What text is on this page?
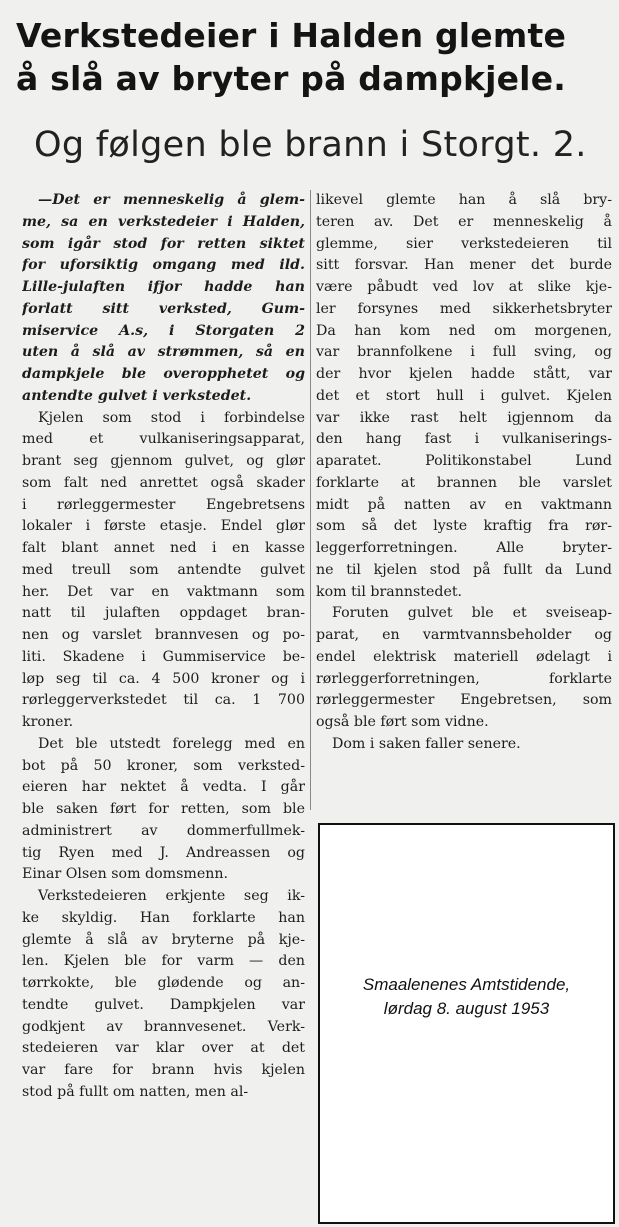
Verkstedeier i Halden glemte
å slå av bryter på dampkjele.
Og følgen ble brann i Storgt. 2.
—Det er menneskelig å glem-
me, sa en verkstedeier i Halden,
som igår stod for retten siktet
for uforsiktig omgang med ild.
Lille-julaften ifjor hadde han
forlatt sitt verksted, Gum-
miservice A.s, i Storgaten 2
uten å slå av strømmen, så en
dampkjele ble overopphetet og
antendte gulvet i verkstedet.
Kjelen som stod i forbindelse
med et vulkaniseringsapparat,
brant seg gjennom gulvet, og glør
som falt ned anrettet også skader
i rørleggermester Engebretsens
lokaler i første etasje. Endel glør
falt blant annet ned i en kasse
med treull som antendte gulvet
her. Det var en vaktmann som
natt til julaften oppdaget bran-
nen og varslet brannvesen og po-
liti. Skadene i Gummiservice be-
løp seg til ca. 4 500 kroner og i
rørleggerverkstedet til ca. 1 700
kroner.
Det ble utstedt forelegg med en
bot på 50 kroner, som verksted-
eieren har nektet å vedta. I går
ble saken ført for retten, som ble
administrert av dommerfullmek-
tig Ryen med J. Andreassen og
Einar Olsen som domsmenn.
Verkstedeieren erkjente seg ik-
ke skyldig. Han forklarte han
glemte å slå av bryterne på kje-
len. Kjelen ble for varm — den
tørrkokte, ble glødende og an-
tendte gulvet. Dampkjelen var
godkjent av brannvesenet. Verk-
stedeieren var klar over at det
var fare for brann hvis kjelen
stod på fullt om natten, men al-
likevel glemte han å slå bry-
teren av. Det er menneskelig å
glemme, sier verkstedeieren til
sitt forsvar. Han mener det burde
være påbudt ved lov at slike kje-
ler forsynes med sikkerhetsbryter
Da han kom ned om morgenen,
var brannfolkene i full sving, og
der hvor kjelen hadde stått, var
det et stort hull i gulvet. Kjelen
var ikke rast helt igjennom da
den hang fast i vulkaniserings-
aparatet. Politikonstabel Lund
forklarte at brannen ble varslet
midt på natten av en vaktmann
som så det lyste kraftig fra rør-
leggerforretningen. Alle bryter-
ne til kjelen stod på fullt da Lund
kom til brannstedet.
Foruten gulvet ble et sveiseap-
parat, en varmtvannsbeholder og
endel elektrisk materiell ødelagt i
rørleggerforretningen, forklarte
rørleggermester Engebretsen, som
også ble ført som vidne.
Dom i saken faller senere.
Smaalenenes Amtstidende,
lørdag 8. august 1953
